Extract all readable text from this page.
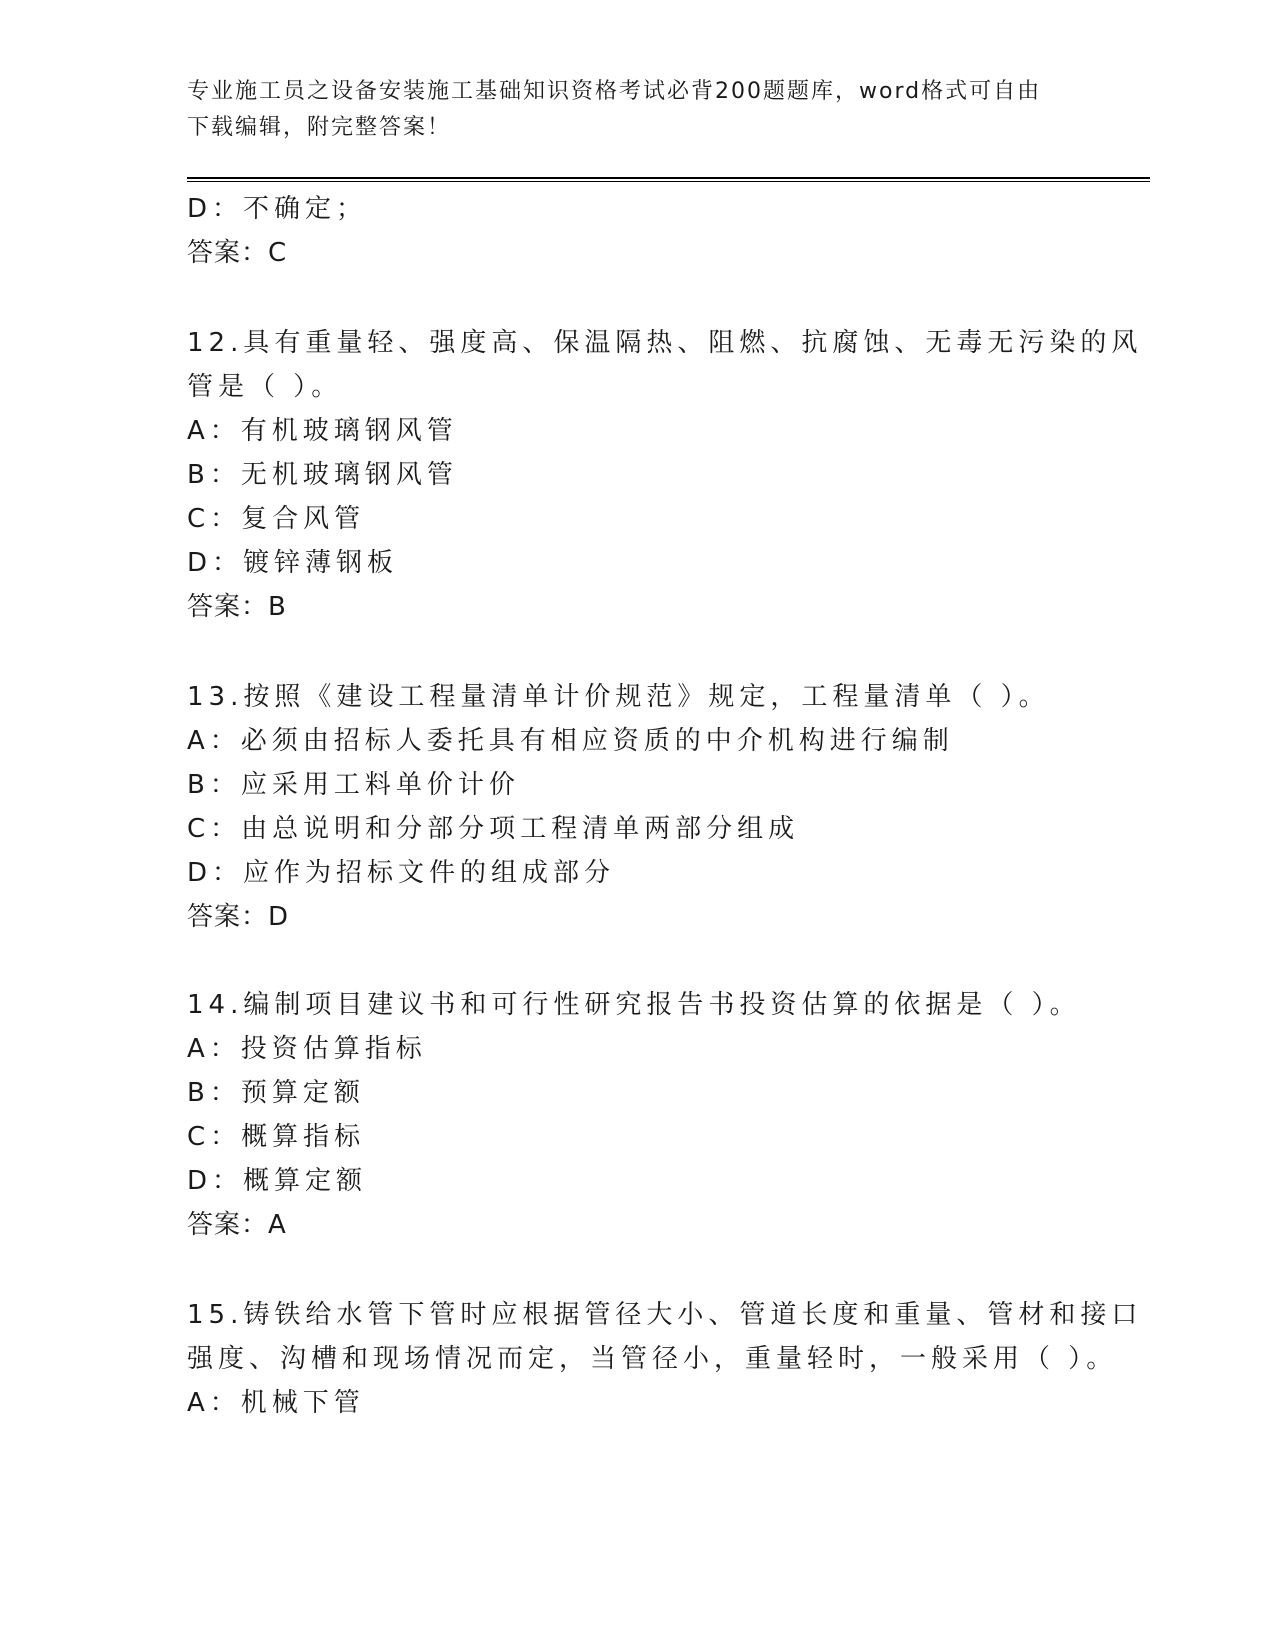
专业施工员之设备安装施工基础知识资格考试必背200题题库，word格式可自由
下载编辑，附完整答案！
D：不确定；
答案：C
12.具有重量轻、强度高、保温隔热、阻燃、抗腐蚀、无毒无污染的风
管是（ ）。
A：有机玻璃钢风管
B：无机玻璃钢风管
C：复合风管
D：镀锌薄钢板
答案：B
13.按照《建设工程量清单计价规范》规定，工程量清单（ ）。
A：必须由招标人委托具有相应资质的中介机构进行编制
B：应采用工料单价计价
C：由总说明和分部分项工程清单两部分组成
D：应作为招标文件的组成部分
答案：D
14.编制项目建议书和可行性研究报告书投资估算的依据是（ ）。
A：投资估算指标
B：预算定额
C：概算指标
D：概算定额
答案：A
15.铸铁给水管下管时应根据管径大小、管道长度和重量、管材和接口
强度、沟槽和现场情况而定，当管径小，重量轻时，一般采用（ ）。
A：机械下管
